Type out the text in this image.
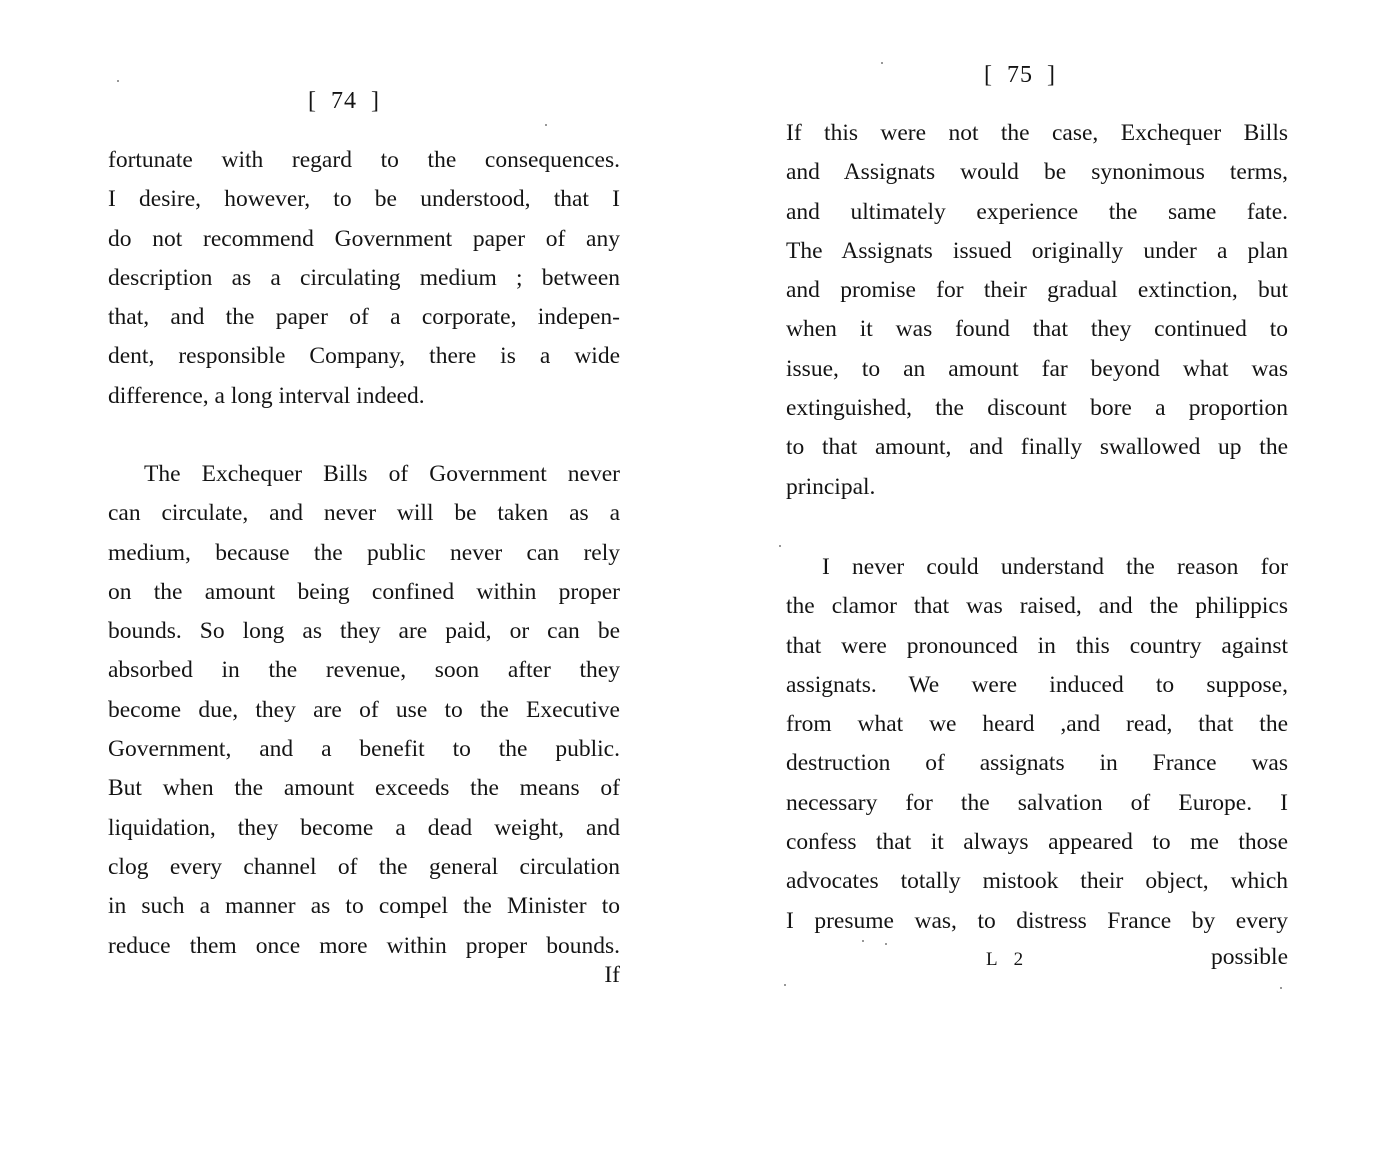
[ 74 ]
fortunate with regard to the consequences.
I desire, however, to be understood, that I
do not recommend Government paper of any
description as a circulating medium ; between
that, and the paper of a corporate, indepen-
dent, responsible Company, there is a wide
difference, a long interval indeed.
The Exchequer Bills of Government never
can circulate, and never will be taken as a
medium, because the public never can rely
on the amount being confined within proper
bounds. So long as they are paid, or can be
absorbed in the revenue, soon after they
become due, they are of use to the Executive
Government, and a benefit to the public.
But when the amount exceeds the means of
liquidation, they become a dead weight, and
clog every channel of the general circulation
in such a manner as to compel the Minister to
reduce them once more within proper bounds.
If
[ 75 ]
If this were not the case, Exchequer Bills
and Assignats would be synonimous terms,
and ultimately experience the same fate.
The Assignats issued originally under a plan
and promise for their gradual extinction, but
when it was found that they continued to
issue, to an amount far beyond what was
extinguished, the discount bore a proportion
to that amount, and finally swallowed up the
principal.
I never could understand the reason for
the clamor that was raised, and the philippics
that were pronounced in this country against
assignats. We were induced to suppose,
from what we heard ,and read, that the
destruction of assignats in France was
necessary for the salvation of Europe. I
confess that it always appeared to me those
advocates totally mistook their object, which
I presume was, to distress France by every
L 2	possible
